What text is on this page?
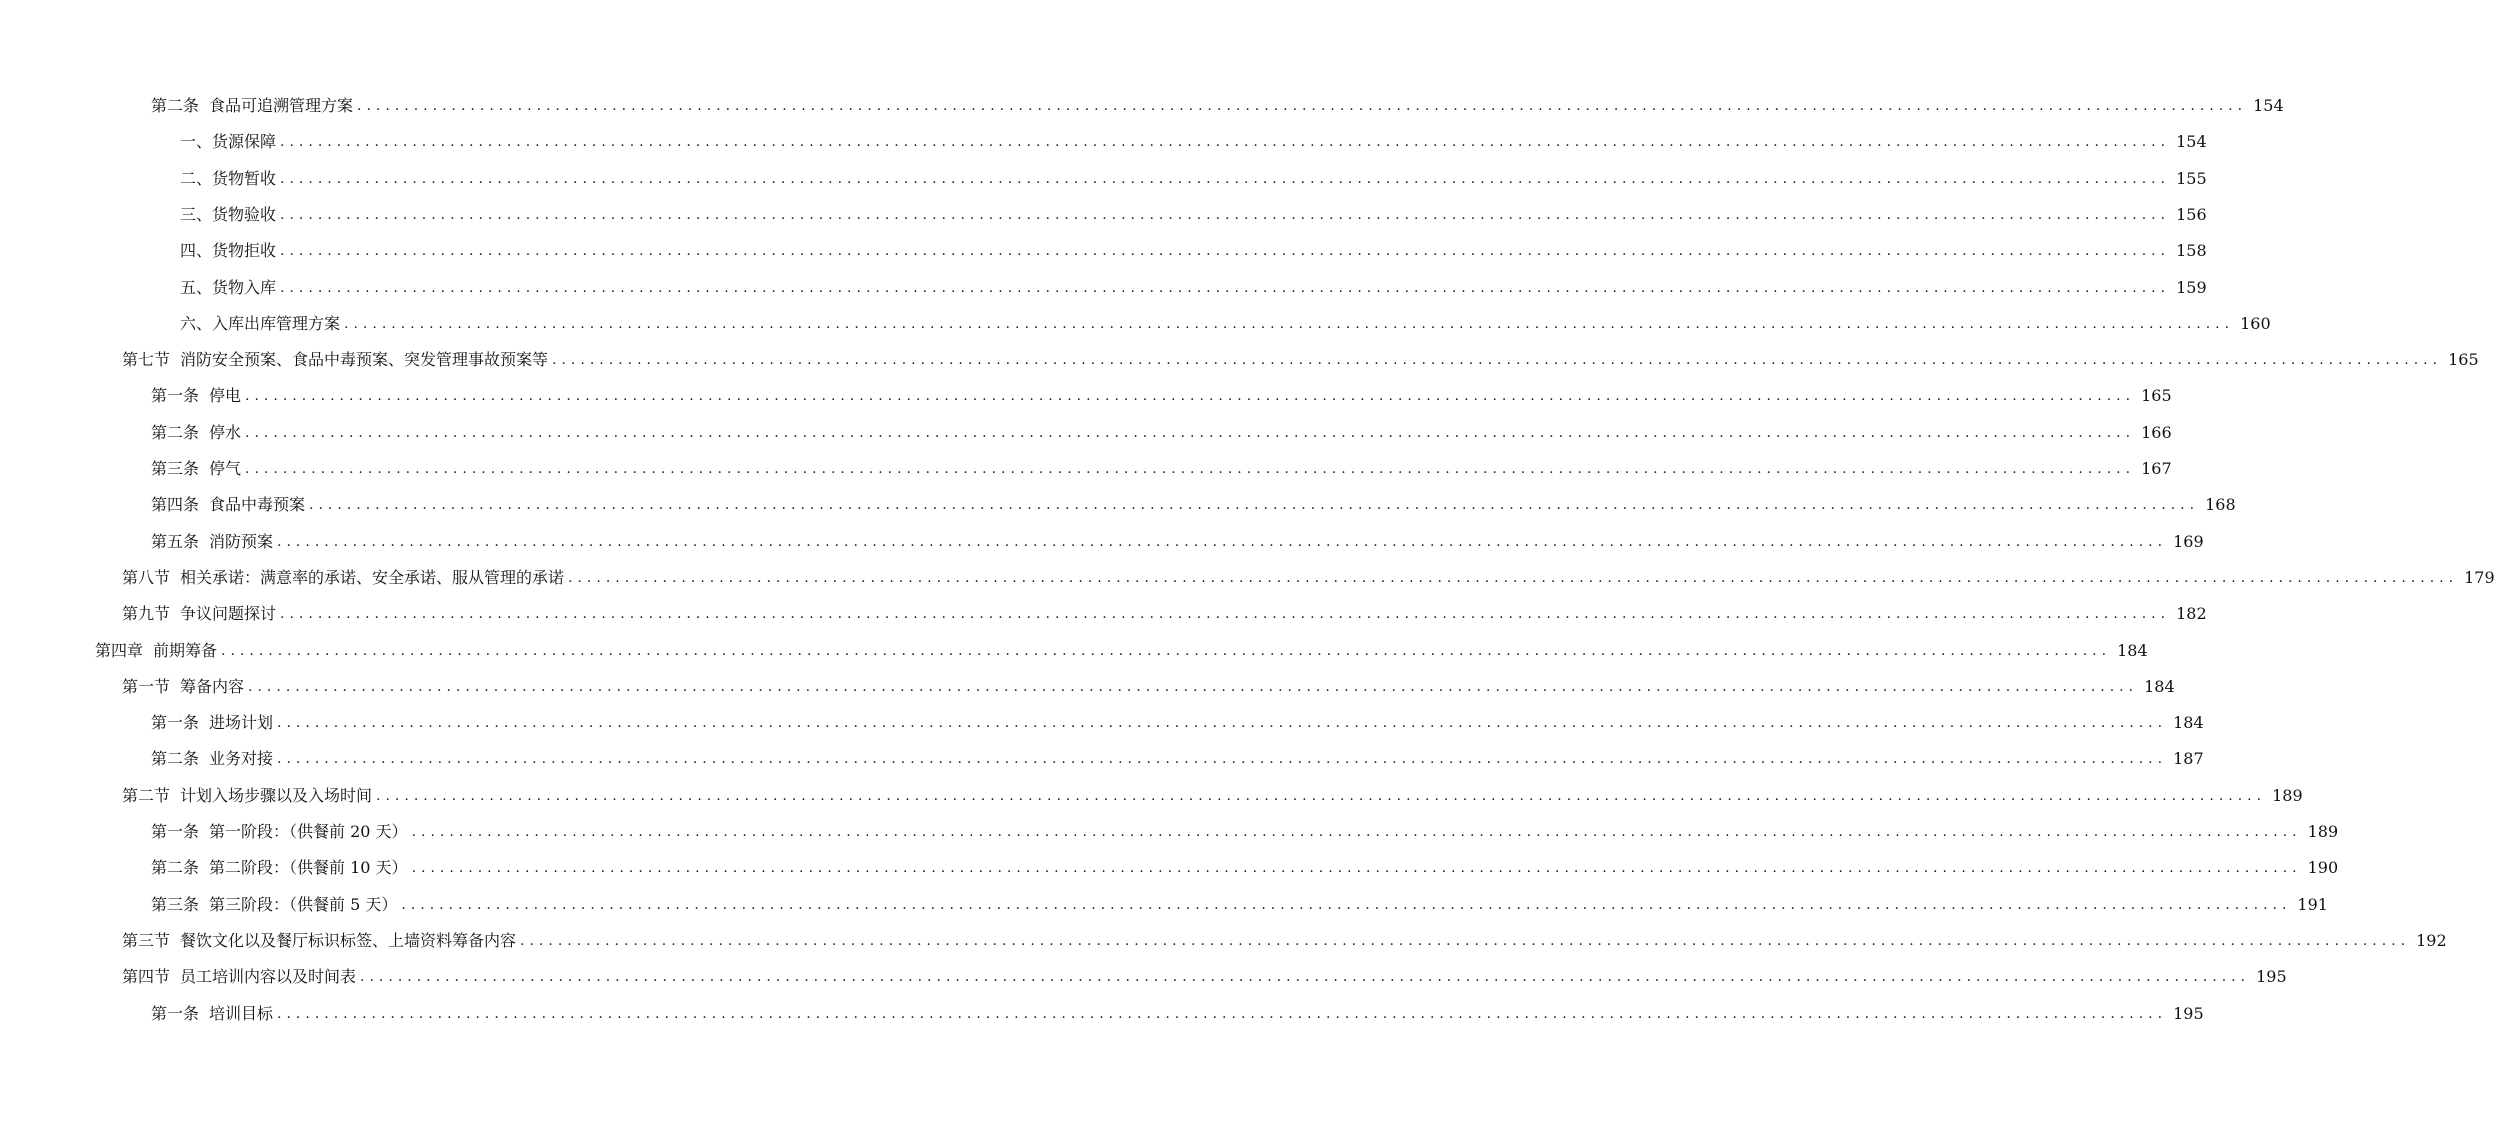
第二条 食品可追溯管理方案 ........................................................................................................................................................................................................ 154
一、 货源保障 ........................................................................................................................................................................................................ 154
二、 货物暂收 ........................................................................................................................................................................................................ 155
三、 货物验收 ........................................................................................................................................................................................................ 156
四、 货物拒收 ........................................................................................................................................................................................................ 158
五、 货物入库 ........................................................................................................................................................................................................ 159
六、 入库出库管理方案 ........................................................................................................................................................................................................ 160
第七节 消防安全预案、食品中毒预案、突发管理事故预案等 ........................................................................................................................................................................................................ 165
第一条 停电 ........................................................................................................................................................................................................ 165
第二条 停水 ........................................................................................................................................................................................................ 166
第三条 停气 ........................................................................................................................................................................................................ 167
第四条 食品中毒预案 ........................................................................................................................................................................................................ 168
第五条 消防预案 ........................................................................................................................................................................................................ 169
第八节 相关承诺：满意率的承诺、安全承诺、服从管理的承诺 ........................................................................................................................................................................................................ 179
第九节 争议问题探讨 ........................................................................................................................................................................................................ 182
第四章 前期筹备 ........................................................................................................................................................................................................ 184
第一节 筹备内容 ........................................................................................................................................................................................................ 184
第一条 进场计划 ........................................................................................................................................................................................................ 184
第二条 业务对接 ........................................................................................................................................................................................................ 187
第二节 计划入场步骤以及入场时间 ........................................................................................................................................................................................................ 189
第一条 第一阶段：（供餐前 20 天） ........................................................................................................................................................................................................ 189
第二条 第二阶段：（供餐前 10 天） ........................................................................................................................................................................................................ 190
第三条 第三阶段：（供餐前 5 天） ........................................................................................................................................................................................................ 191
第三节 餐饮文化以及餐厅标识标签、上墙资料筹备内容 ........................................................................................................................................................................................................ 192
第四节 员工培训内容以及时间表 ........................................................................................................................................................................................................ 195
第一条 培训目标 ........................................................................................................................................................................................................ 195
